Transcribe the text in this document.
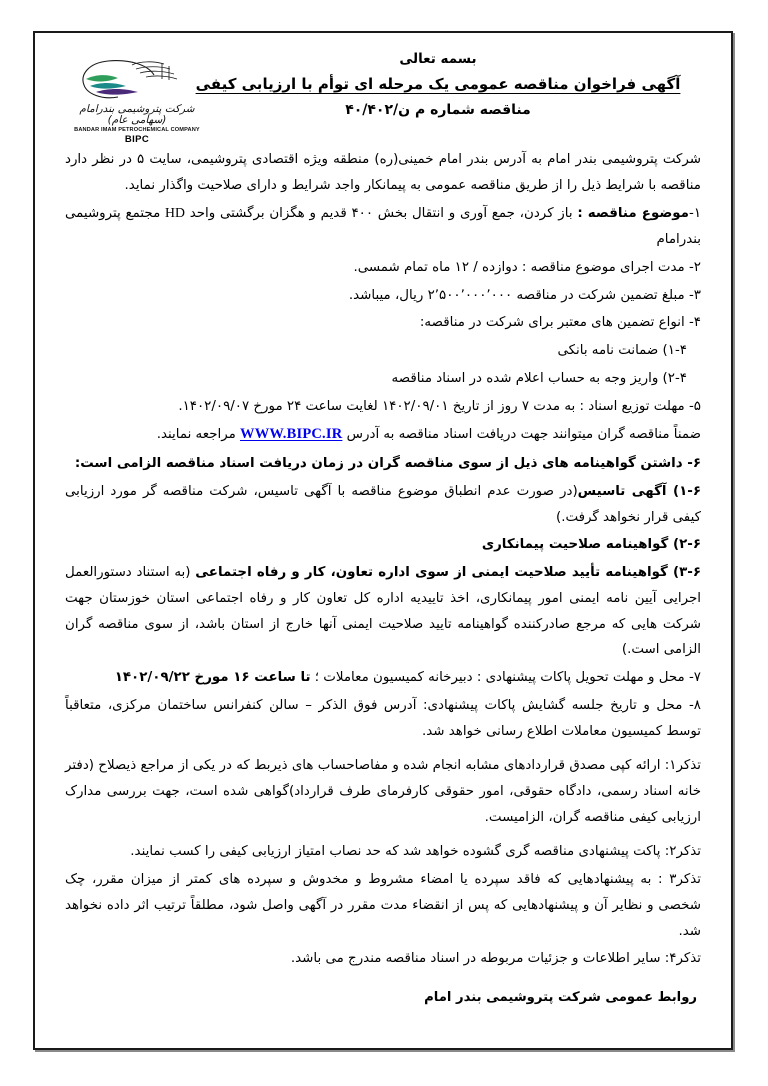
شرکت پتروشیمی بندرامام (سهامی عام)
BANDAR IMAM PETROCHEMICAL COMPANY
BIPC
بسمه تعالی
آگهی فراخوان مناقصه عمومی یک مرحله ای توأم با ارزیابی کیفی
مناقصه شماره م ن/۴۰/۴۰۲

شرکت پتروشیمی بندر امام به آدرس بندر امام خمینی(ره) منطقه ویژه اقتصادی پتروشیمی، سایت ۵ در نظر دارد مناقصه با شرایط ذیل را از طریق مناقصه عمومی به پیمانکار واجد شرایط و دارای صلاحیت واگذار نماید.

۱-موضوع مناقصه : باز کردن، جمع آوری و انتقال بخش ۴۰۰ قدیم و هگزان برگشتی واحد HD مجتمع پتروشیمی بندرامام

۲- مدت اجرای موضوع مناقصه : دوازده / ۱۲ ماه تمام شمسی.

۳- مبلغ تضمین شرکت در مناقصه ۲٬۵۰۰٬۰۰۰٬۰۰۰ ریال، میباشد.

۴- انواع تضمین های معتبر برای شرکت در مناقصه:

۱-۴) ضمانت نامه بانکی

۲-۴) واریز وجه به حساب اعلام شده در اسناد مناقصه

۵- مهلت توزیع اسناد : به مدت ۷ روز از تاریخ ۱۴۰۲/۰۹/۰۱ لغایت ساعت ۲۴ مورخ ۱۴۰۲/۰۹/۰۷.

ضمناً مناقصه گران میتوانند جهت دریافت اسناد مناقصه به آدرس WWW.BIPC.IR مراجعه نمایند.

۶- داشتن گواهینامه های ذیل از سوی مناقصه گران در زمان دریافت اسناد مناقصه الزامی است:

۱-۶) آگهی تاسیس(در صورت عدم انطباق موضوع مناقصه با آگهی تاسیس، شرکت مناقصه گر مورد ارزیابی کیفی قرار نخواهد گرفت.)

۲-۶) گواهینامه صلاحیت پیمانکاری

۳-۶) گواهینامه تأیید صلاحیت ایمنی از سوی اداره تعاون، کار و رفاه اجتماعی (به استناد دستورالعمل اجرایی آیین نامه ایمنی امور پیمانکاری، اخذ تاییدیه اداره کل تعاون کار و رفاه اجتماعی استان خوزستان جهت شرکت هایی که مرجع صادرکننده گواهینامه تایید صلاحیت ایمنی آنها خارج از استان باشد، از سوی مناقصه گران الزامی است.)

۷- محل و مهلت تحویل پاکات پیشنهادی : دبیرخانه کمیسیون معاملات ؛ تا ساعت ۱۶ مورخ ۱۴۰۲/۰۹/۲۲

۸- محل و تاریخ جلسه گشایش پاکات پیشنهادی: آدرس فوق الذکر – سالن کنفرانس ساختمان مرکزی، متعاقباً توسط کمیسیون معاملات اطلاع رسانی خواهد شد.

تذکر۱: ارائه کپی مصدق قراردادهای مشابه انجام شده و مفاصاحساب های ذیربط که در یکی از مراجع ذیصلاح (دفتر خانه اسناد رسمی، دادگاه حقوقی، امور حقوقی کارفرمای طرف قرارداد)گواهی شده است، جهت بررسی مدارک ارزیابی کیفی مناقصه گران، الزامیست.

تذکر۲: پاکت پیشنهادی مناقصه گری گشوده خواهد شد که حد نصاب امتیاز ارزیابی کیفی را کسب نمایند.

تذکر۳ : به پیشنهادهایی که فاقد سپرده یا امضاء مشروط و مخدوش و سپرده های کمتر از میزان مقرر، چک شخصی و نظایر آن و پیشنهادهایی که پس از انقضاء مدت مقرر در آگهی واصل شود، مطلقاً ترتیب اثر داده نخواهد شد.

تذکر۴: سایر اطلاعات و جزئیات مربوطه در اسناد مناقصه مندرج می باشد.

روابط عمومی شرکت پتروشیمی بندر امام
